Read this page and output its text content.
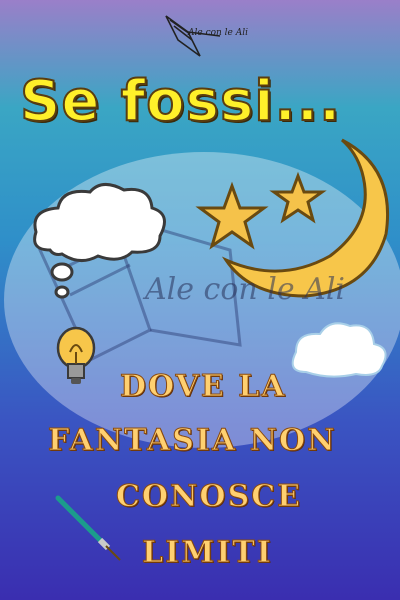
Ale con le Ali
Se fossi...
Ale con le Ali
DOVE LA
FANTASIA NON
CONOSCE
LIMITI
